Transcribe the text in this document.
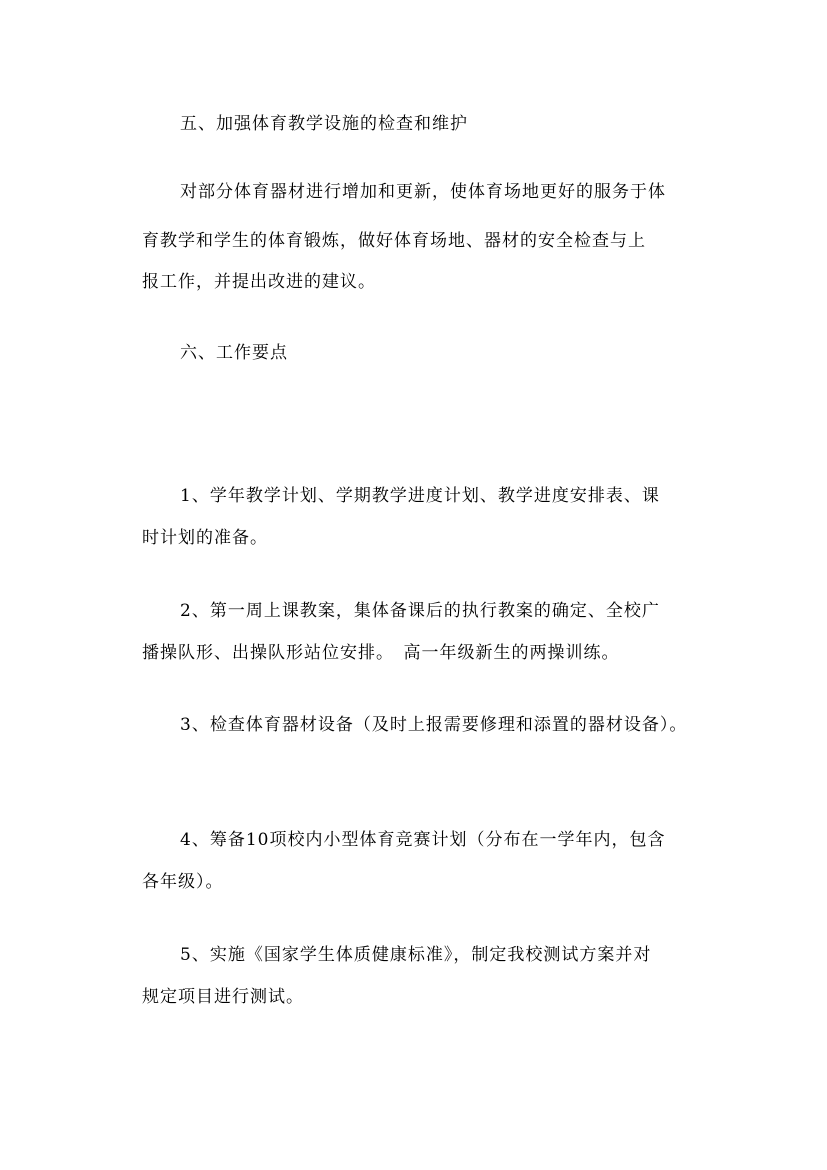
五、加强体育教学设施的检查和维护
对部分体育器材进行增加和更新，使体育场地更好的服务于体
育教学和学生的体育锻炼，做好体育场地、器材的安全检查与上
报工作，并提出改进的建议。
六、工作要点
1、学年教学计划、学期教学进度计划、教学进度安排表、课
时计划的准备。
2、第一周上课教案，集体备课后的执行教案的确定、全校广
播操队形、出操队形站位安排。　高一年级新生的两操训练。
3、检查体育器材设备（及时上报需要修理和添置的器材设备）。
4、筹备10项校内小型体育竞赛计划（分布在一学年内，包含
各年级）。
5、实施《国家学生体质健康标准》，制定我校测试方案并对
规定项目进行测试。
